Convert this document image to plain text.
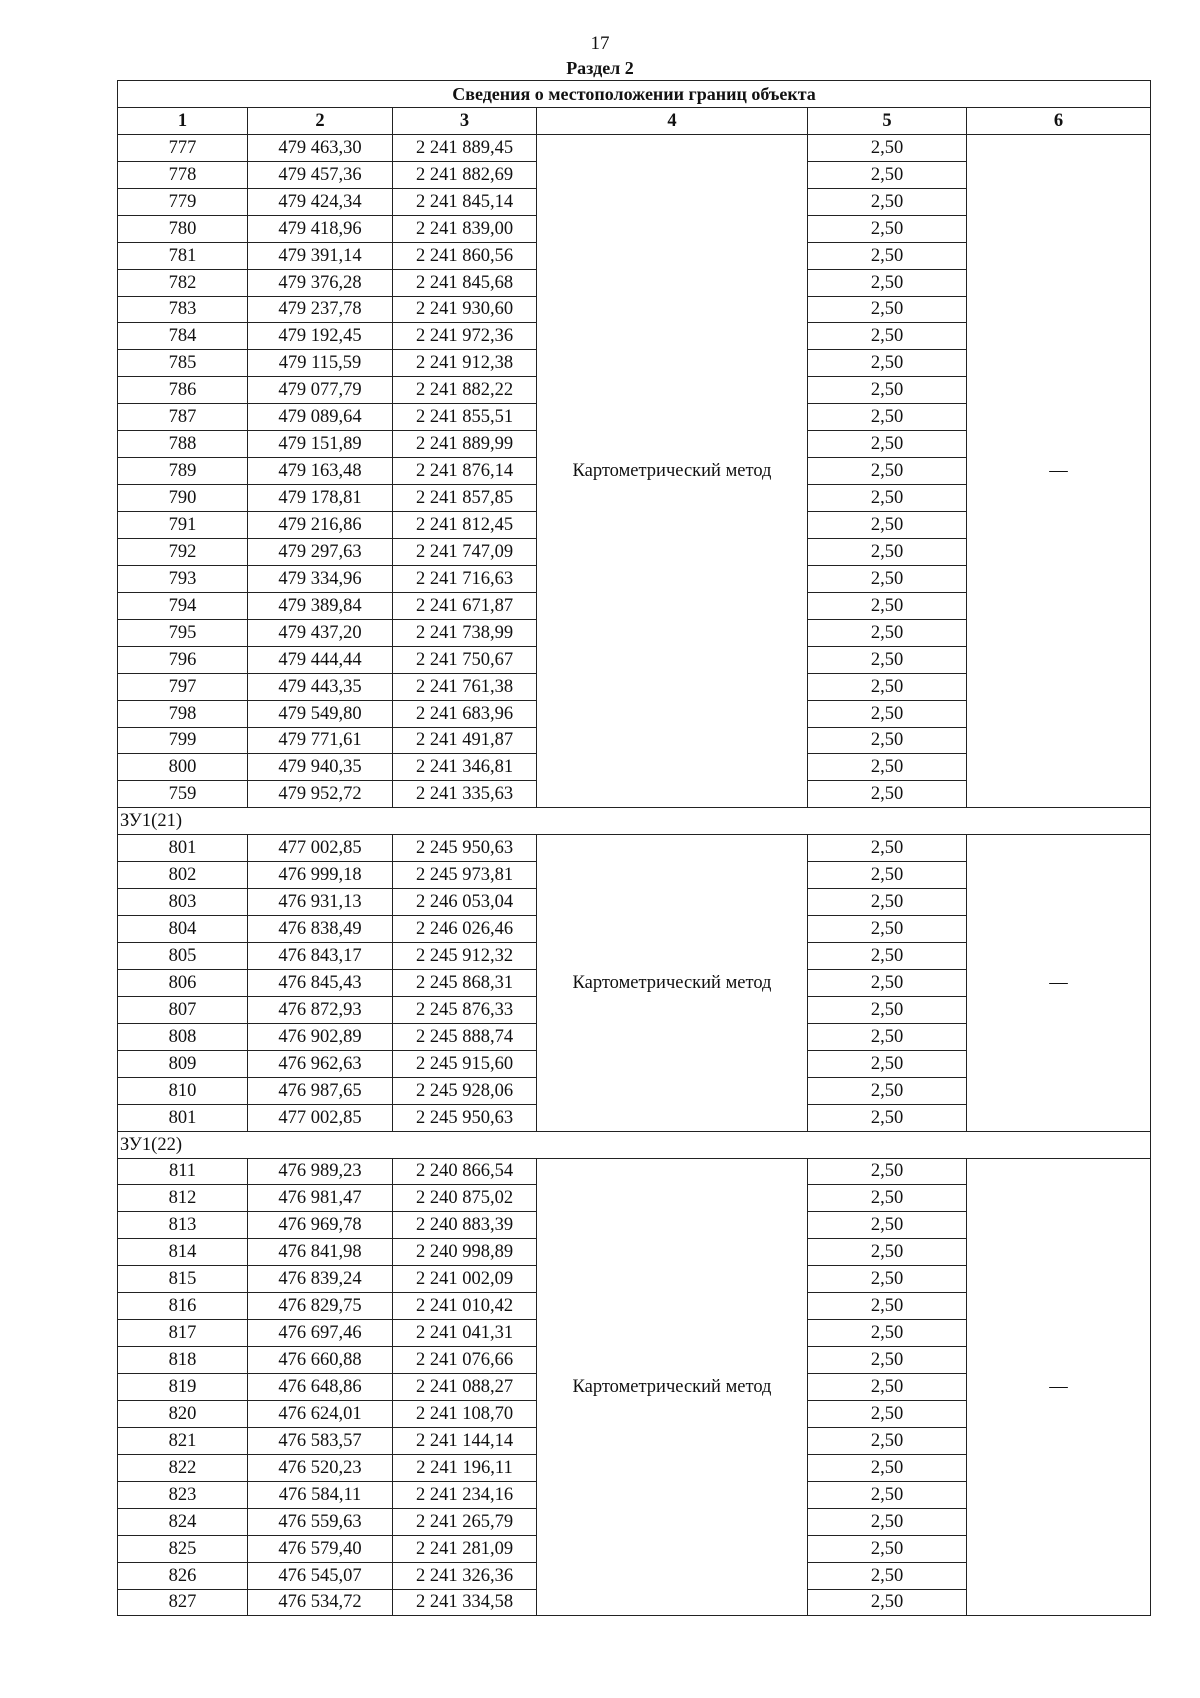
17
Раздел 2
Сведения о местоположении границ объекта					
1	2	3	4	5	6
777	479 463,30	2 241 889,45	Картометрический метод	2,50	—
778	479 457,36	2 241 882,69		2,50	
779	479 424,34	2 241 845,14		2,50	
780	479 418,96	2 241 839,00		2,50	
781	479 391,14	2 241 860,56		2,50	
782	479 376,28	2 241 845,68		2,50	
783	479 237,78	2 241 930,60		2,50	
784	479 192,45	2 241 972,36		2,50	
785	479 115,59	2 241 912,38		2,50	
786	479 077,79	2 241 882,22		2,50	
787	479 089,64	2 241 855,51		2,50	
788	479 151,89	2 241 889,99		2,50	
789	479 163,48	2 241 876,14		2,50	
790	479 178,81	2 241 857,85		2,50	
791	479 216,86	2 241 812,45		2,50	
792	479 297,63	2 241 747,09		2,50	
793	479 334,96	2 241 716,63		2,50	
794	479 389,84	2 241 671,87		2,50	
795	479 437,20	2 241 738,99		2,50	
796	479 444,44	2 241 750,67		2,50	
797	479 443,35	2 241 761,38		2,50	
798	479 549,80	2 241 683,96		2,50	
799	479 771,61	2 241 491,87		2,50	
800	479 940,35	2 241 346,81		2,50	
759	479 952,72	2 241 335,63		2,50	
ЗУ1(21)					
801	477 002,85	2 245 950,63	Картометрический метод	2,50	—
802	476 999,18	2 245 973,81		2,50	
803	476 931,13	2 246 053,04		2,50	
804	476 838,49	2 246 026,46		2,50	
805	476 843,17	2 245 912,32		2,50	
806	476 845,43	2 245 868,31		2,50	
807	476 872,93	2 245 876,33		2,50	
808	476 902,89	2 245 888,74		2,50	
809	476 962,63	2 245 915,60		2,50	
810	476 987,65	2 245 928,06		2,50	
801	477 002,85	2 245 950,63		2,50	
ЗУ1(22)					
811	476 989,23	2 240 866,54	Картометрический метод	2,50	—
812	476 981,47	2 240 875,02		2,50	
813	476 969,78	2 240 883,39		2,50	
814	476 841,98	2 240 998,89		2,50	
815	476 839,24	2 241 002,09		2,50	
816	476 829,75	2 241 010,42		2,50	
817	476 697,46	2 241 041,31		2,50	
818	476 660,88	2 241 076,66		2,50	
819	476 648,86	2 241 088,27		2,50	
820	476 624,01	2 241 108,70		2,50	
821	476 583,57	2 241 144,14		2,50	
822	476 520,23	2 241 196,11		2,50	
823	476 584,11	2 241 234,16		2,50	
824	476 559,63	2 241 265,79		2,50	
825	476 579,40	2 241 281,09		2,50	
826	476 545,07	2 241 326,36		2,50	
827	476 534,72	2 241 334,58		2,50	
